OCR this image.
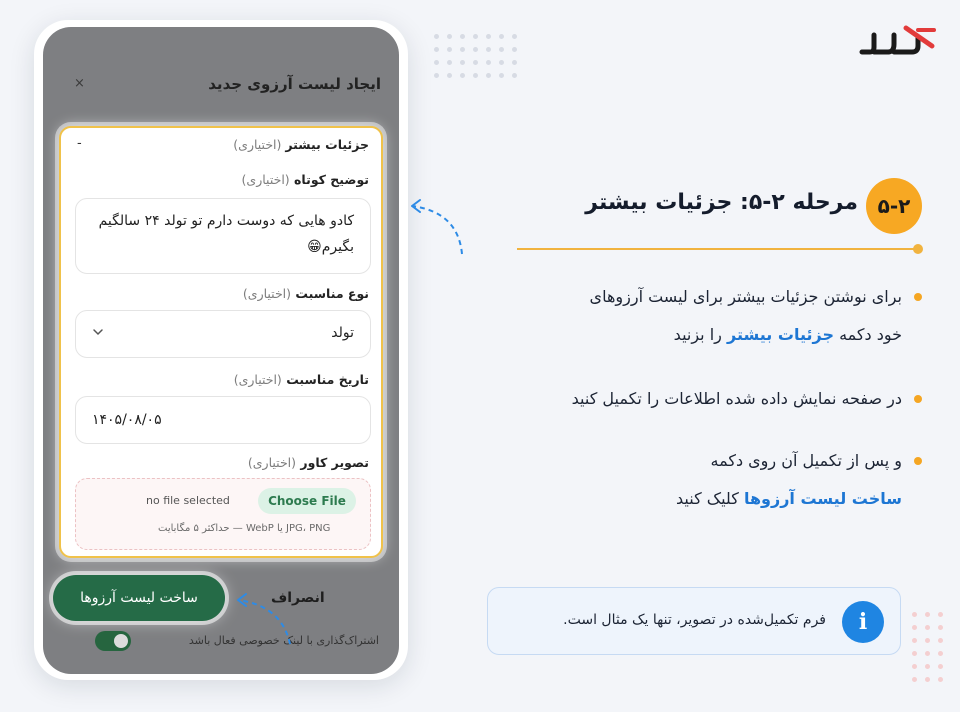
ایجاد لیست آرزوی جدید
×
جزئیات بیشتر (اختیاری)
-
توضیح کوتاه (اختیاری)
کادو هایی که دوست دارم تو تولد ۲۴ سالگیم بگیرم😁
نوع مناسبت (اختیاری)
تولد
تاریخ مناسبت (اختیاری)
۱۴۰۵/۰۸/۰۵
تصویر کاور (اختیاری)
Choose File
no file selected
JPG، PNG یا WebP — حداکثر ۵ مگابایت
ساخت لیست آرزوها	انصراف
اشتراک‌گذاری با لینک خصوصی فعال باشد
۵-۲
مرحله ۲-۵: جزئیات بیشتر
برای نوشتن جزئیات بیشتر برای لیست آرزوهای
خود دکمه جزئیات بیشتر را بزنید
در صفحه نمایش داده شده اطلاعات را تکمیل کنید
و پس از تکمیل آن روی دکمه
ساخت لیست آرزوها کلیک کنید
i
فرم تکمیل‌شده در تصویر، تنها یک مثال است.
